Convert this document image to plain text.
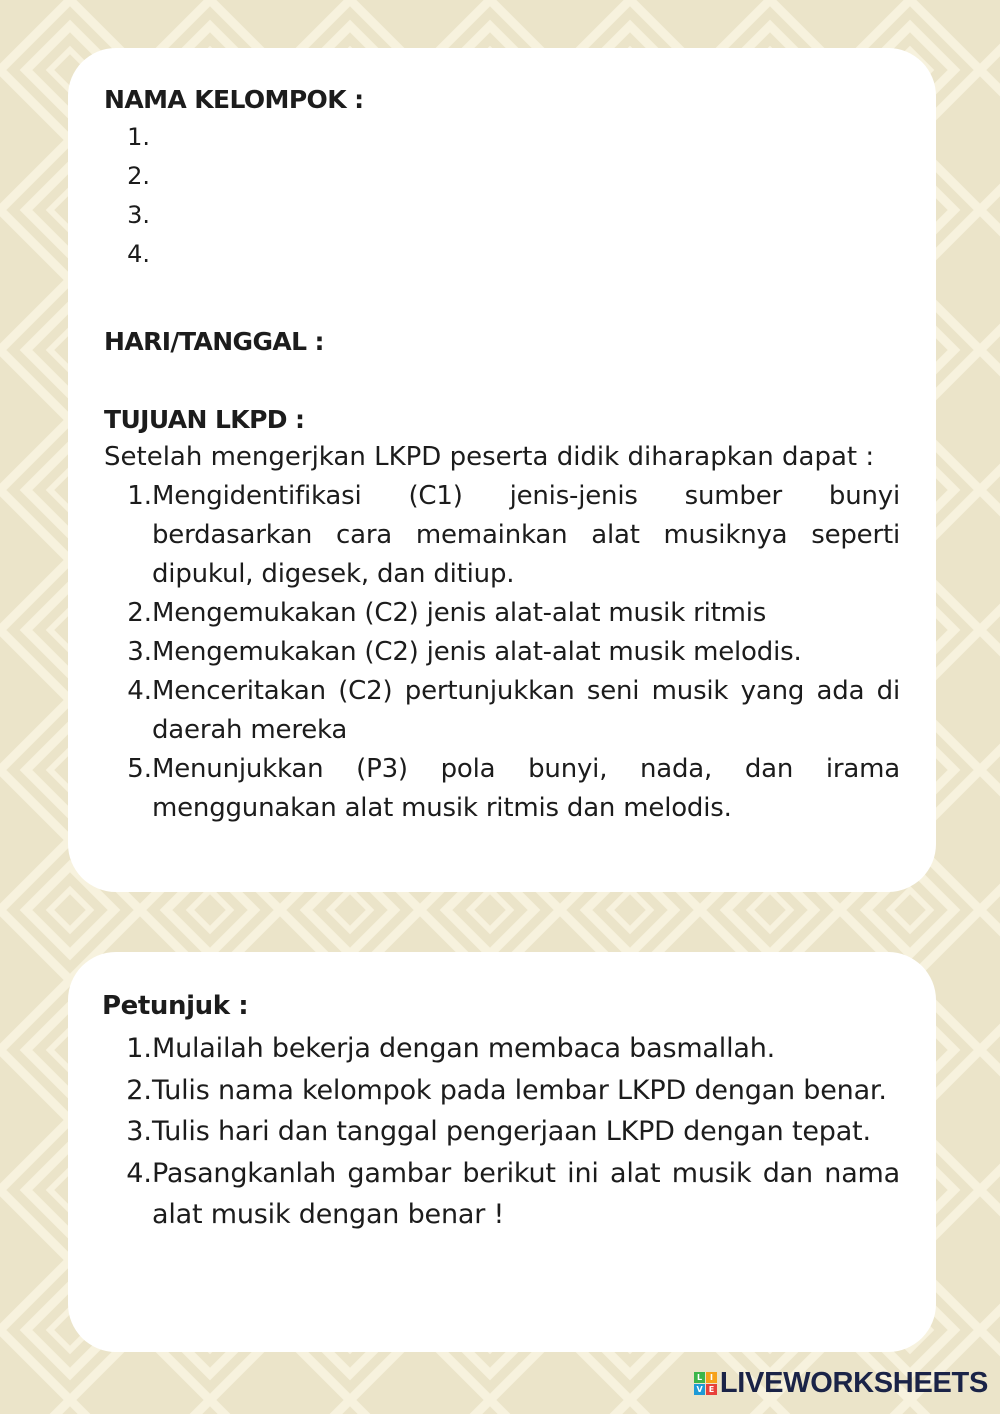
NAMA KELOMPOK :

1.
2.
3.
4.

HARI/TANGGAL :

TUJUAN LKPD :

Setelah mengerjkan LKPD peserta didik diharapkan dapat :

1. Mengidentifikasi (C1) jenis-jenis sumber bunyi berdasarkan cara memainkan alat musiknya seperti dipukul, digesek, dan ditiup.
2. Mengemukakan (C2) jenis alat-alat musik ritmis
3. Mengemukakan (C2) jenis alat-alat musik melodis.
4. Menceritakan (C2) pertunjukkan seni musik yang ada di daerah mereka
5. Menunjukkan (P3) pola bunyi, nada, dan irama menggunakan alat musik ritmis dan melodis.

Petunjuk :

1. Mulailah bekerja dengan membaca basmallah.
2. Tulis nama kelompok pada lembar LKPD dengan benar.
3. Tulis hari dan tanggal pengerjaan LKPD dengan tepat.
4. Pasangkanlah gambar berikut ini alat musik dan nama alat musik dengan benar !
L	I
V E LIVEWORKSHEETS
